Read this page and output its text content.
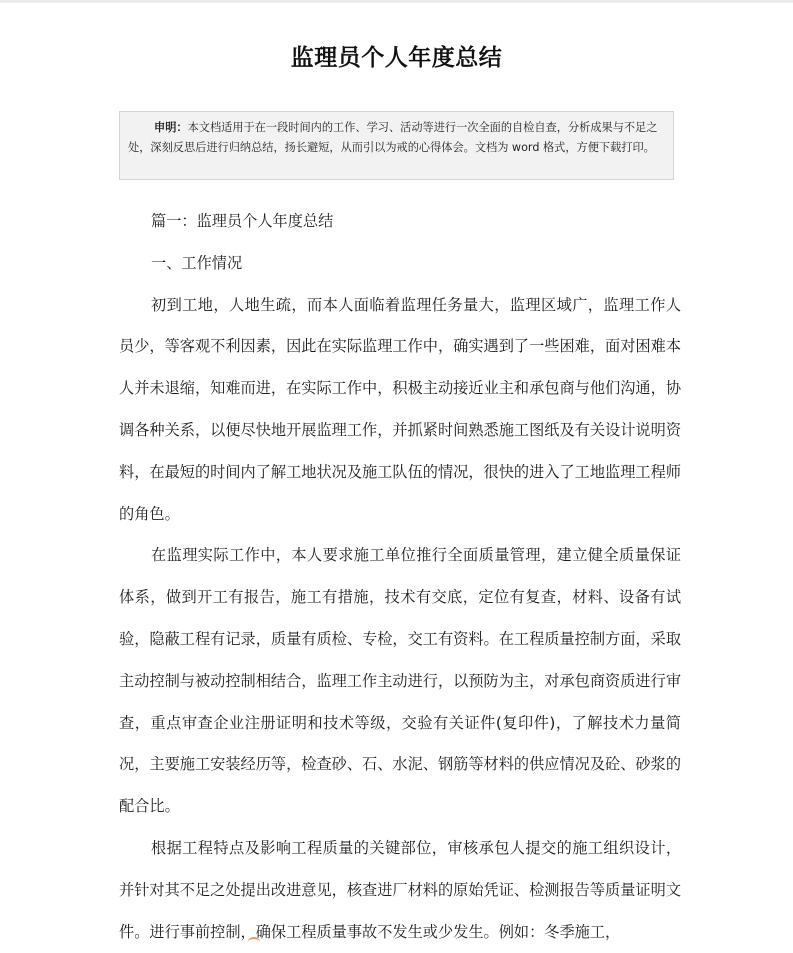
监理员个人年度总结
申明：本文档适用于在一段时间内的工作、学习、活动等进行一次全面的自检自查，分析成果与不足之处，深刻反思后进行归纳总结，扬长避短，从而引以为戒的心得体会。文档为 word 格式，方便下载打印。

篇一：监理员个人年度总结

一、工作情况

初到工地，人地生疏，而本人面临着监理任务量大，监理区域广，监理工作人员少，等客观不利因素，因此在实际监理工作中，确实遇到了一些困难，面对困难本人并未退缩，知难而进，在实际工作中，积极主动接近业主和承包商与他们沟通，协调各种关系，以便尽快地开展监理工作，并抓紧时间熟悉施工图纸及有关设计说明资料，在最短的时间内了解工地状况及施工队伍的情况，很快的进入了工地监理工程师的角色。

在监理实际工作中，本人要求施工单位推行全面质量管理，建立健全质量保证体系，做到开工有报告，施工有措施，技术有交底，定位有复查，材料、设备有试验，隐蔽工程有记录，质量有质检、专检，交工有资料。在工程质量控制方面，采取主动控制与被动控制相结合，监理工作主动进行，以预防为主，对承包商资质进行审查，重点审查企业注册证明和技术等级，交验有关证件(复印件)，了解技术力量简况，主要施工安装经历等，检查砂、石、水泥、钢筋等材料的供应情况及砼、砂浆的配合比。

根据工程特点及影响工程质量的关键部位，审核承包人提交的施工组织设计，并针对其不足之处提出改进意见，核查进厂材料的原始凭证、检测报告等质量证明文件。进行事前控制，确保工程质量事故不发生或少发生。例如：冬季施工，
